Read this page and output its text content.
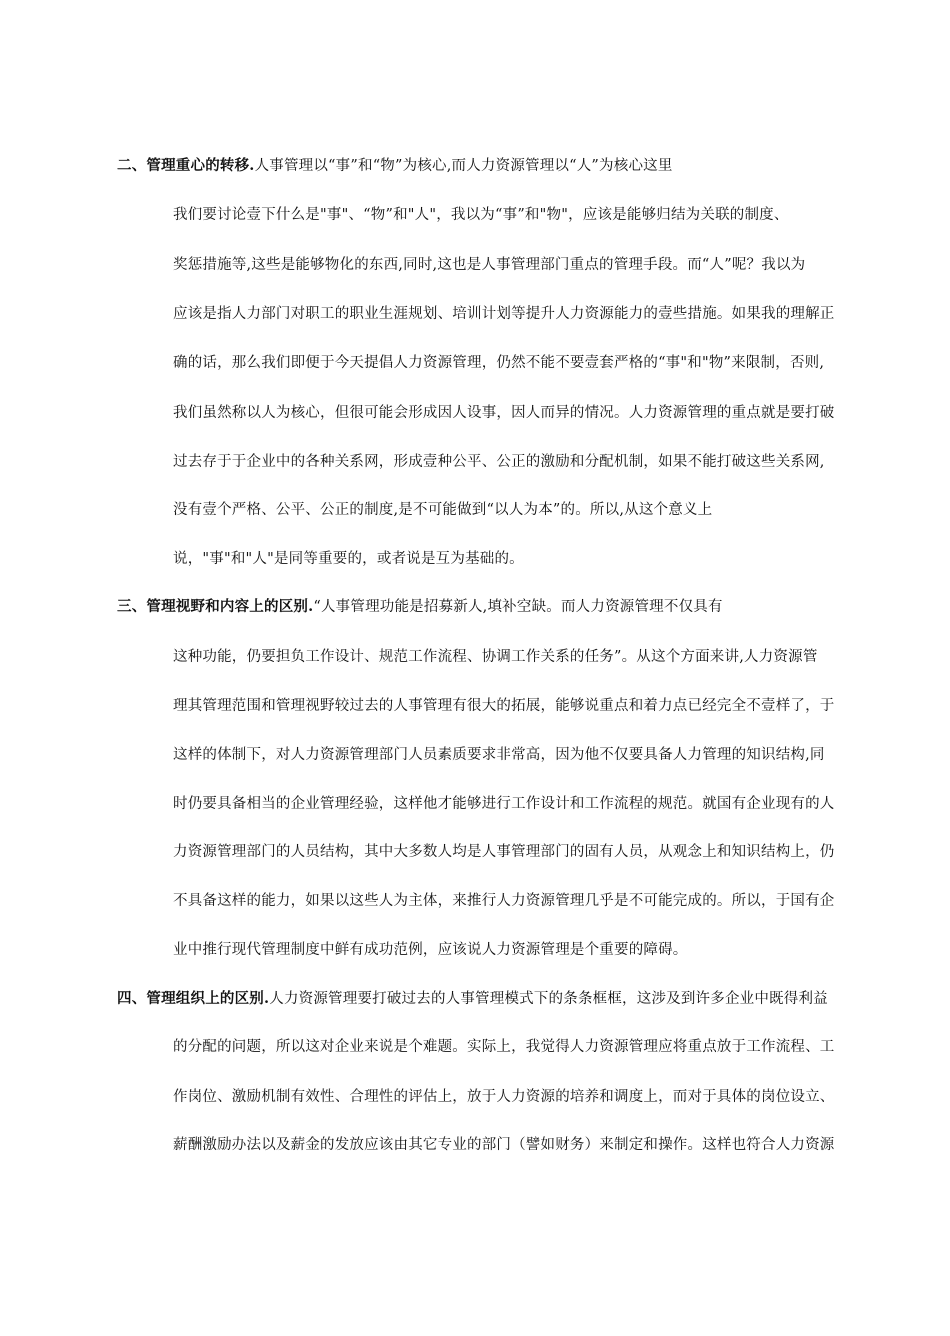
二、管理重心的转移.人事管理以“事”和“物”为核心,而人力资源管理以“人”为核心这里
我们要讨论壹下什么是"事"、“物”和"人"，我以为“事”和"物"，应该是能够归结为关联的制度、
奖惩措施等,这些是能够物化的东西,同时,这也是人事管理部门重点的管理手段。而“人”呢？我以为
应该是指人力部门对职工的职业生涯规划、培训计划等提升人力资源能力的壹些措施。如果我的理解正
确的话，那么我们即便于今天提倡人力资源管理，仍然不能不要壹套严格的“事"和"物”来限制，否则,
我们虽然称以人为核心，但很可能会形成因人设事，因人而异的情况。人力资源管理的重点就是要打破
过去存于于企业中的各种关系网，形成壹种公平、公正的激励和分配机制，如果不能打破这些关系网,
没有壹个严格、公平、公正的制度,是不可能做到“以人为本”的。所以,从这个意义上
说，"事"和"人"是同等重要的，或者说是互为基础的。
三、管理视野和内容上的区别.“人事管理功能是招募新人,填补空缺。而人力资源管理不仅具有
这种功能，仍要担负工作设计、规范工作流程、协调工作关系的任务”。从这个方面来讲,人力资源管
理其管理范围和管理视野较过去的人事管理有很大的拓展，能够说重点和着力点已经完全不壹样了，于
这样的体制下，对人力资源管理部门人员素质要求非常高，因为他不仅要具备人力管理的知识结构,同
时仍要具备相当的企业管理经验，这样他才能够进行工作设计和工作流程的规范。就国有企业现有的人
力资源管理部门的人员结构，其中大多数人均是人事管理部门的固有人员，从观念上和知识结构上，仍
不具备这样的能力，如果以这些人为主体，来推行人力资源管理几乎是不可能完成的。所以，于国有企
业中推行现代管理制度中鲜有成功范例，应该说人力资源管理是个重要的障碍。
四、管理组织上的区别.人力资源管理要打破过去的人事管理模式下的条条框框，这涉及到许多企业中既得利益
的分配的问题，所以这对企业来说是个难题。实际上，我觉得人力资源管理应将重点放于工作流程、工
作岗位、激励机制有效性、合理性的评估上，放于人力资源的培养和调度上，而对于具体的岗位设立、
薪酬激励办法以及薪金的发放应该由其它专业的部门（譬如财务）来制定和操作。这样也符合人力资源
